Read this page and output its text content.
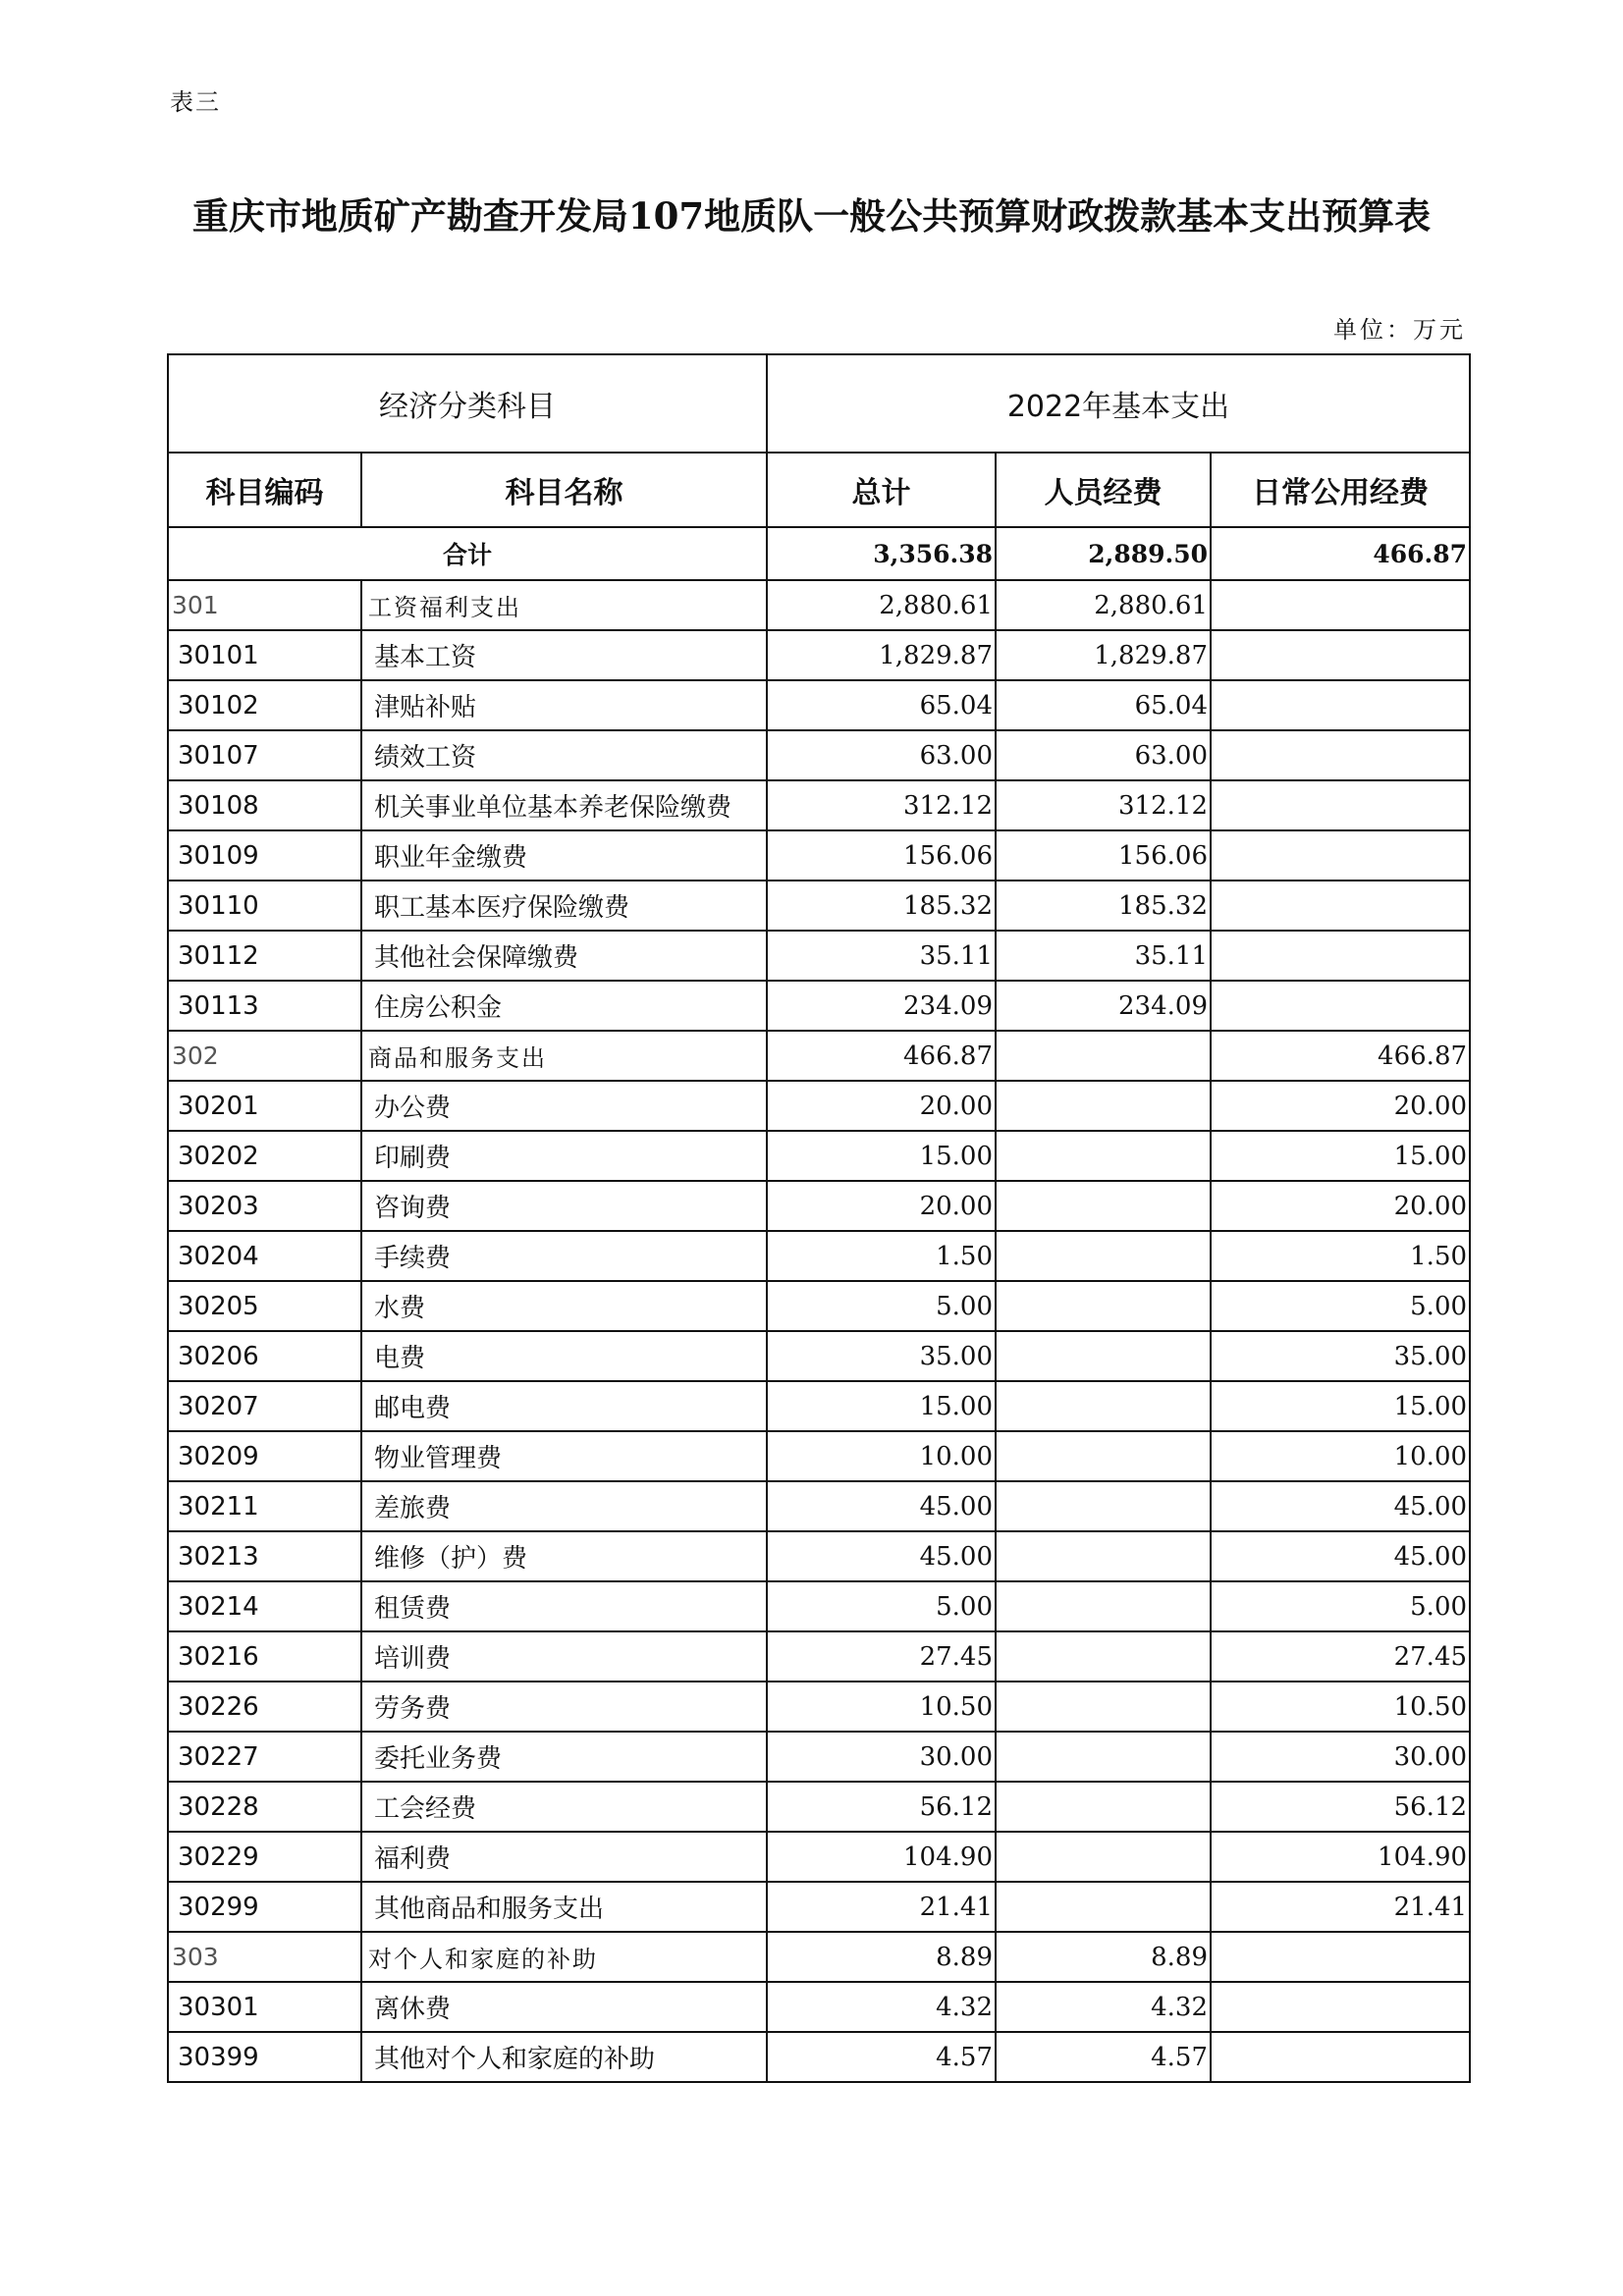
表三
重庆市地质矿产勘查开发局107地质队一般公共预算财政拨款基本支出预算表
单位：万元
经济分类科目		2022年基本支出		
科目编码	科目名称	总计	人员经费	日常公用经费
合计		3,356.38	2,889.50	466.87
301	工资福利支出	2,880.61	2,880.61	
30101	基本工资	1,829.87	1,829.87	
30102	津贴补贴	65.04	65.04	
30107	绩效工资	63.00	63.00	
30108	机关事业单位基本养老保险缴费	312.12	312.12	
30109	职业年金缴费	156.06	156.06	
30110	职工基本医疗保险缴费	185.32	185.32	
30112	其他社会保障缴费	35.11	35.11	
30113	住房公积金	234.09	234.09	
302	商品和服务支出	466.87		466.87
30201	办公费	20.00		20.00
30202	印刷费	15.00		15.00
30203	咨询费	20.00		20.00
30204	手续费	1.50		1.50
30205	水费	5.00		5.00
30206	电费	35.00		35.00
30207	邮电费	15.00		15.00
30209	物业管理费	10.00		10.00
30211	差旅费	45.00		45.00
30213	维修（护）费	45.00		45.00
30214	租赁费	5.00		5.00
30216	培训费	27.45		27.45
30226	劳务费	10.50		10.50
30227	委托业务费	30.00		30.00
30228	工会经费	56.12		56.12
30229	福利费	104.90		104.90
30299	其他商品和服务支出	21.41		21.41
303	对个人和家庭的补助	8.89	8.89	
30301	离休费	4.32	4.32	
30399	其他对个人和家庭的补助	4.57	4.57	
